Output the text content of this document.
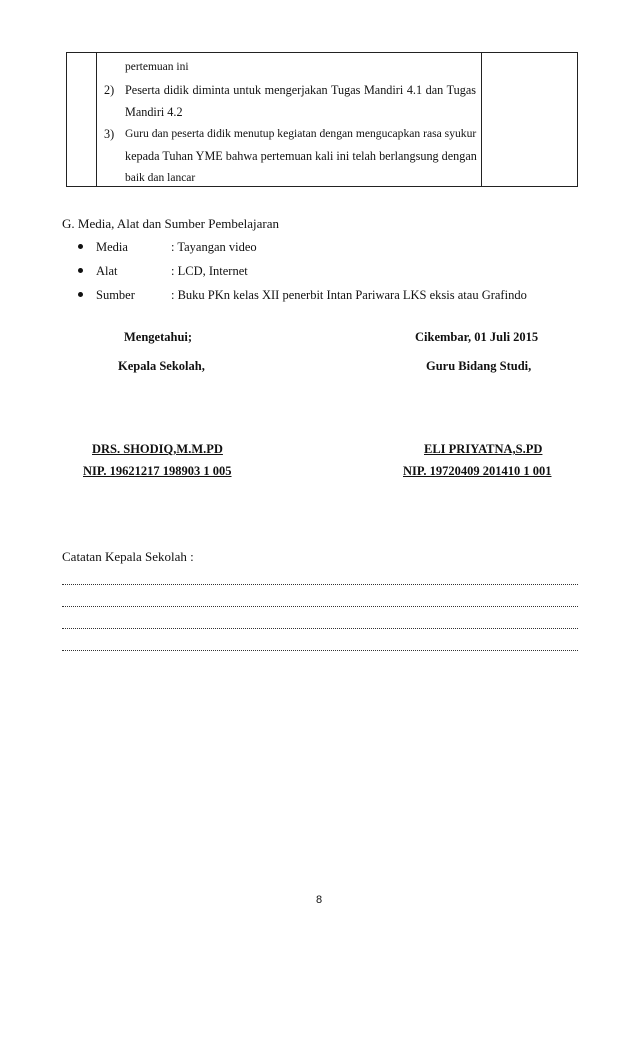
pertemuan ini
2) Peserta didik diminta untuk mengerjakan Tugas Mandiri 4.1 dan Tugas
Mandiri 4.2
3) Guru dan peserta didik menutup kegiatan dengan mengucapkan rasa syukur
kepada Tuhan YME bahwa pertemuan kali ini telah berlangsung dengan
baik dan lancar
G. Media, Alat dan Sumber Pembelajaran
Media	: Tayangan video
Alat	: LCD, Internet
Sumber	: Buku PKn kelas XII penerbit Intan Pariwara LKS eksis atau Grafindo
Mengetahui;
Kepala Sekolah,
DRS. SHODIQ,M.M.PD
NIP. 19621217 198903 1 005
Cikembar, 01 Juli 2015
Guru Bidang Studi,
ELI PRIYATNA,S.PD
NIP. 19720409 201410 1 001
Catatan Kepala Sekolah :
8
